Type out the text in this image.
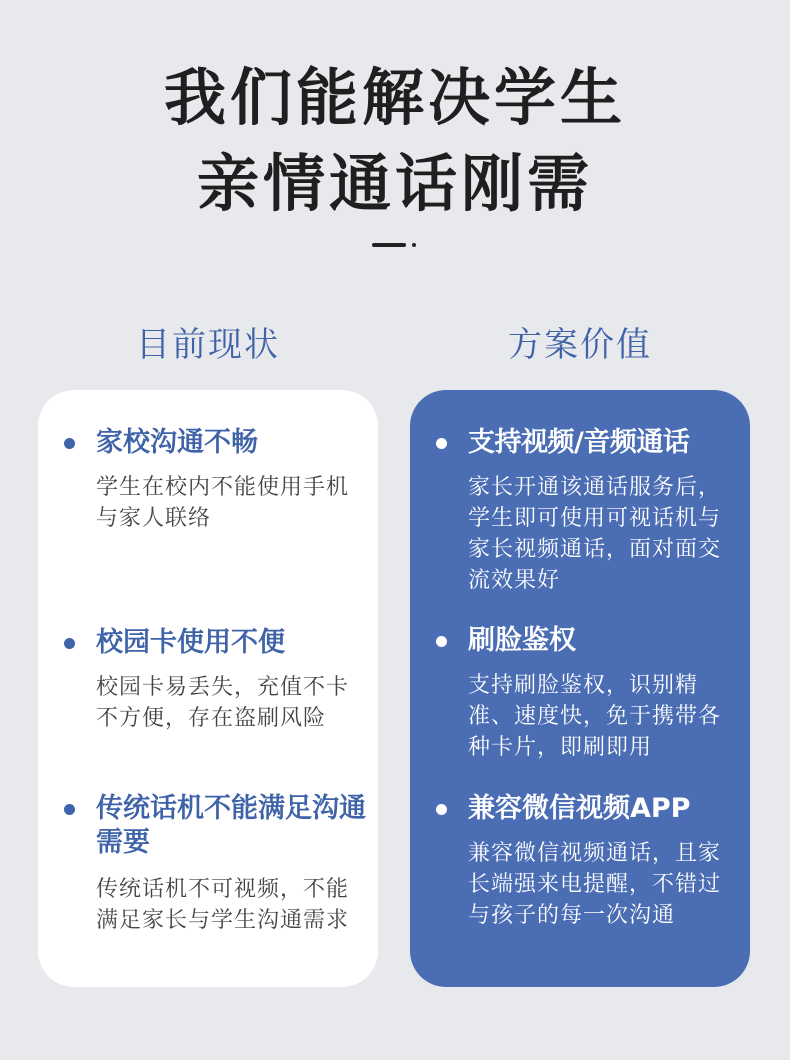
我们能解决学生
亲情通话刚需
目前现状	方案价值
家校沟通不畅
学生在校内不能使用手机与家人联络
校园卡使用不便
校园卡易丢失，充值不卡不方便，存在盗刷风险
传统话机不能满足沟通需要
传统话机不可视频，不能满足家长与学生沟通需求
支持视频/音频通话
家长开通该通话服务后，学生即可使用可视话机与家长视频通话，面对面交流效果好
刷脸鉴权
支持刷脸鉴权，识别精准、速度快，免于携带各种卡片，即刷即用
兼容微信视频APP
兼容微信视频通话，且家长端强来电提醒，不错过与孩子的每一次沟通
